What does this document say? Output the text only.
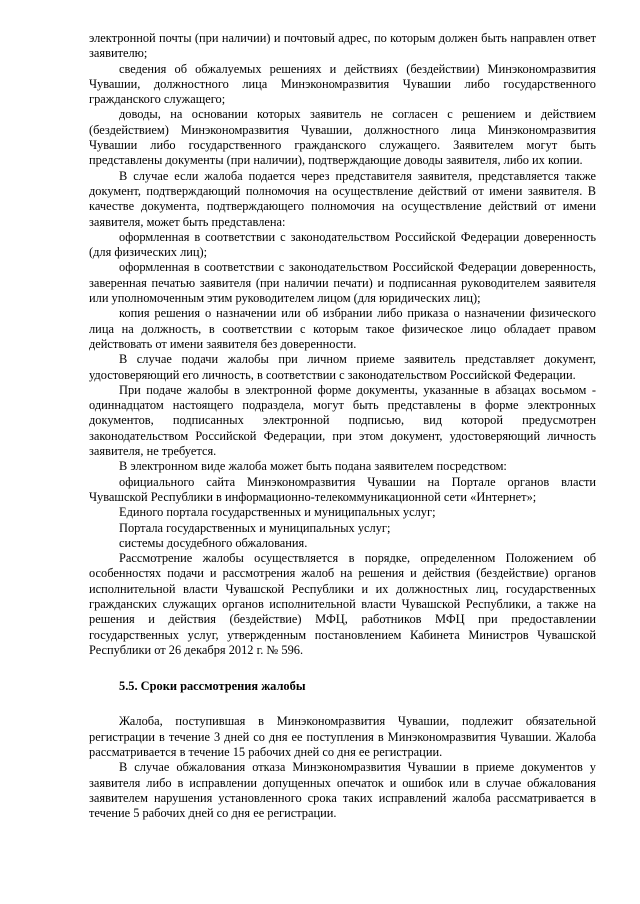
электронной почты (при наличии) и почтовый адрес, по которым должен быть направлен ответ заявителю;

сведения об обжалуемых решениях и действиях (бездействии) Минэкономразвития Чувашии, должностного лица Минэкономразвития Чувашии либо государственного гражданского служащего;

доводы, на основании которых заявитель не согласен с решением и действием (бездействием) Минэкономразвития Чувашии, должностного лица Минэкономразвития Чувашии либо государственного гражданского служащего. Заявителем могут быть представлены документы (при наличии), подтверждающие доводы заявителя, либо их копии.

В случае если жалоба подается через представителя заявителя, представляется также документ, подтверждающий полномочия на осуществление действий от имени заявителя. В качестве документа, подтверждающего полномочия на осуществление действий от имени заявителя, может быть представлена:

оформленная в соответствии с законодательством Российской Федерации доверенность (для физических лиц);

оформленная в соответствии с законодательством Российской Федерации доверенность, заверенная печатью заявителя (при наличии печати) и подписанная руководителем заявителя или уполномоченным этим руководителем лицом (для юридических лиц);

копия решения о назначении или об избрании либо приказа о назначении физического лица на должность, в соответствии с которым такое физическое лицо обладает правом действовать от имени заявителя без доверенности.

В случае подачи жалобы при личном приеме заявитель представляет документ, удостоверяющий его личность, в соответствии с законодательством Российской Федерации.

При подаче жалобы в электронной форме документы, указанные в абзацах восьмом - одиннадцатом настоящего подраздела, могут быть представлены в форме электронных документов, подписанных электронной подписью, вид которой предусмотрен законодательством Российской Федерации, при этом документ, удостоверяющий личность заявителя, не требуется.

В электронном виде жалоба может быть подана заявителем посредством:

официального сайта Минэкономразвития Чувашии на Портале органов власти Чувашской Республики в информационно-телекоммуникационной сети «Интернет»;

Единого портала государственных и муниципальных услуг;

Портала государственных и муниципальных услуг;

системы досудебного обжалования.

Рассмотрение жалобы осуществляется в порядке, определенном Положением об особенностях подачи и рассмотрения жалоб на решения и действия (бездействие) органов исполнительной власти Чувашской Республики и их должностных лиц, государственных гражданских служащих органов исполнительной власти Чувашской Республики, а также на решения и действия (бездействие) МФЦ, работников МФЦ при предоставлении государственных услуг, утвержденным постановлением Кабинета Министров Чувашской Республики от 26 декабря 2012 г. № 596.

5.5. Сроки рассмотрения жалобы

Жалоба, поступившая в Минэкономразвития Чувашии, подлежит обязательной регистрации в течение 3 дней со дня ее поступления в Минэкономразвития Чувашии. Жалоба рассматривается в течение 15 рабочих дней со дня ее регистрации.

В случае обжалования отказа Минэкономразвития Чувашии в приеме документов у заявителя либо в исправлении допущенных опечаток и ошибок или в случае обжалования заявителем нарушения установленного срока таких исправлений жалоба рассматривается в течение 5 рабочих дней со дня ее регистрации.
